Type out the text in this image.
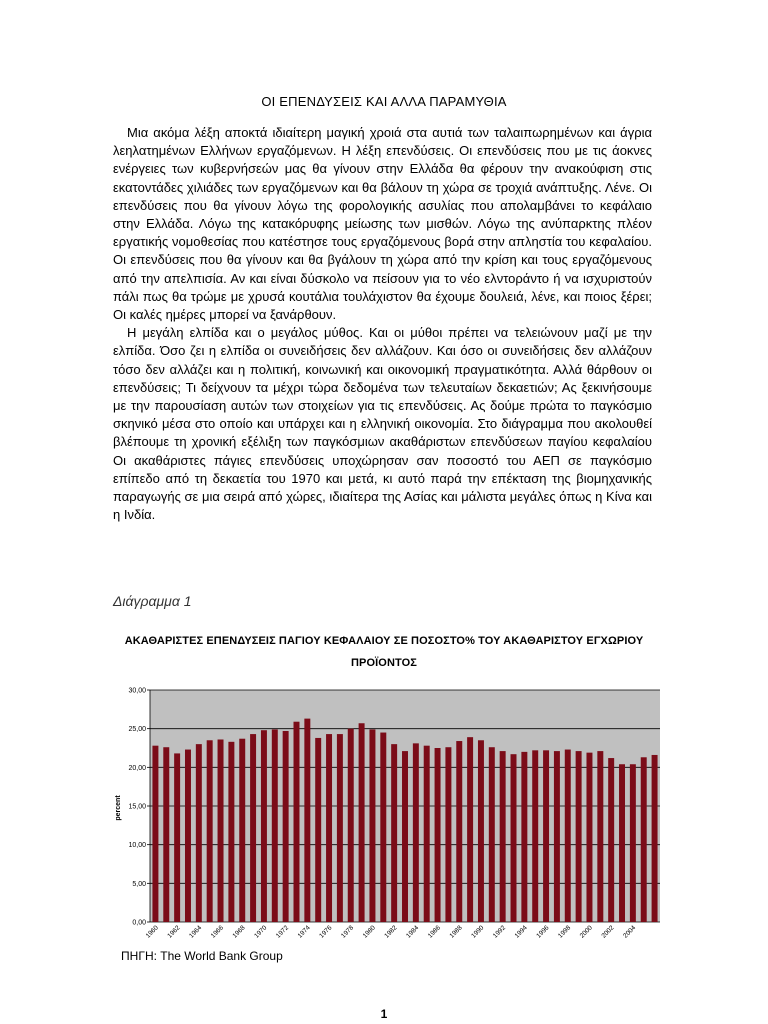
ΟΙ ΕΠΕΝΔΥΣΕΙΣ ΚΑΙ ΑΛΛΑ ΠΑΡΑΜΥΘΙΑ

Μια ακόμα λέξη αποκτά ιδιαίτερη μαγική χροιά στα αυτιά των ταλαιπωρημένων και άγρια λεηλατημένων Ελλήνων εργαζόμενων. Η λέξη επενδύσεις. Οι επενδύσεις που με τις άοκνες ενέργειες των κυβερνήσεών μας θα γίνουν στην Ελλάδα θα φέρουν την ανακούφιση στις εκατοντάδες χιλιάδες των εργαζόμενων και θα βάλουν τη χώρα σε τροχιά ανάπτυξης. Λένε. Οι επενδύσεις που θα γίνουν λόγω της φορολογικής ασυλίας που απολαμβάνει το κεφάλαιο στην Ελλάδα. Λόγω της κατακόρυφης μείωσης των μισθών. Λόγω της ανύπαρκτης πλέον εργατικής νομοθεσίας που κατέστησε τους εργαζόμενους βορά στην απληστία του κεφαλαίου. Οι επενδύσεις που θα γίνουν και θα βγάλουν τη χώρα από την κρίση και τους εργαζόμενους από την απελπισία. Αν και είναι δύσκολο να πείσουν για το νέο ελντοράντο ή να ισχυριστούν πάλι πως θα τρώμε με χρυσά κουτάλια τουλάχιστον θα έχουμε δουλειά, λένε, και ποιος ξέρει; Οι καλές ημέρες μπορεί να ξανάρθουν.

Η μεγάλη ελπίδα και ο μεγάλος μύθος. Και οι μύθοι πρέπει να τελειώνουν μαζί με την ελπίδα. Όσο ζει η ελπίδα οι συνειδήσεις δεν αλλάζουν. Και όσο οι συνειδήσεις δεν αλλάζουν τόσο δεν αλλάζει και η πολιτική, κοινωνική και οικονομική πραγματικότητα. Αλλά θάρθουν οι επενδύσεις; Τι δείχνουν τα μέχρι τώρα δεδομένα των τελευταίων δεκαετιών; Ας ξεκινήσουμε με την παρουσίαση αυτών των στοιχείων για τις επενδύσεις. Ας δούμε πρώτα το παγκόσμιο σκηνικό μέσα στο οποίο και υπάρχει και η ελληνική οικονομία. Στο διάγραμμα που ακολουθεί βλέπουμε τη χρονική εξέλιξη των παγκόσμιων ακαθάριστων επενδύσεων παγίου κεφαλαίου Οι ακαθάριστες πάγιες επενδύσεις υποχώρησαν σαν ποσοστό του ΑΕΠ σε παγκόσμιο επίπεδο από τη δεκαετία του 1970 και μετά, κι αυτό παρά την επέκταση της βιομηχανικής παραγωγής σε μια σειρά από χώρες, ιδιαίτερα της Ασίας και μάλιστα μεγάλες όπως η Κίνα και η Ινδία.

Διάγραμμα 1
ΑΚΑΘΑΡΙΣΤΕΣ ΕΠΕΝΔΥΣΕΙΣ ΠΑΓΙΟΥ ΚΕΦΑΛΑΙΟΥ ΣΕ ΠΟΣΟΣΤΟ% ΤΟΥ ΑΚΑΘΑΡΙΣΤΟΥ ΕΓΧΩΡΙΟΥ
ΠΡΟΪΟΝΤΟΣ
0,00
5,00
10,00
15,00
20,00
25,00
30,00
1960 1962 1964 1966 1968 1970 1972 1974 1976 1978 1980 1982 1984 1986 1988 1990 1992 1994 1996 1998 2000 2002 2004
percent
ΠΗΓΗ: The World Bank Group
1
